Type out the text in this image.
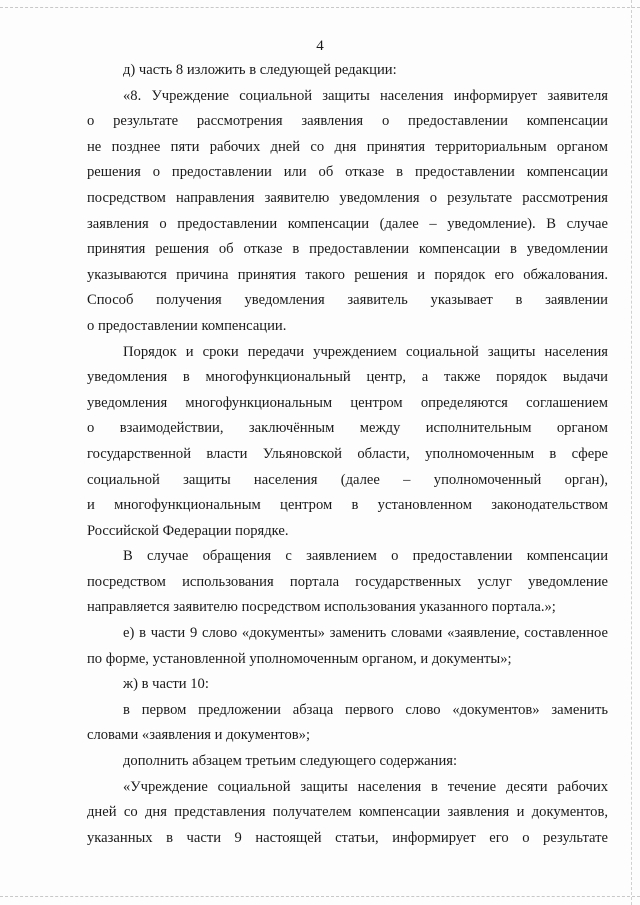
4
д) часть 8 изложить в следующей редакции:
«8. Учреждение социальной защиты населения информирует заявителя
о результате рассмотрения заявления о предоставлении компенсации
не позднее пяти рабочих дней со дня принятия территориальным органом
решения о предоставлении или об отказе в предоставлении компенсации
посредством направления заявителю уведомления о результате рассмотрения
заявления о предоставлении компенсации (далее – уведомление). В случае
принятия решения об отказе в предоставлении компенсации в уведомлении
указываются причина принятия такого решения и порядок его обжалования.
Способ получения уведомления заявитель указывает в заявлении
о предоставлении компенсации.
Порядок и сроки передачи учреждением социальной защиты населения
уведомления в многофункциональный центр, а также порядок выдачи
уведомления многофункциональным центром определяются соглашением
о взаимодействии, заключённым между исполнительным органом
государственной власти Ульяновской области, уполномоченным в сфере
социальной защиты населения (далее – уполномоченный орган),
и многофункциональным центром в установленном законодательством
Российской Федерации порядке.
В случае обращения с заявлением о предоставлении компенсации
посредством использования портала государственных услуг уведомление
направляется заявителю посредством использования указанного портала.»;
е) в части 9 слово «документы» заменить словами «заявление, составленное
по форме, установленной уполномоченным органом, и документы»;
ж) в части 10:
в первом предложении абзаца первого слово «документов» заменить
словами «заявления и документов»;
дополнить абзацем третьим следующего содержания:
«Учреждение социальной защиты населения в течение десяти рабочих
дней со дня представления получателем компенсации заявления и документов,
указанных в части 9 настоящей статьи, информирует его о результате
